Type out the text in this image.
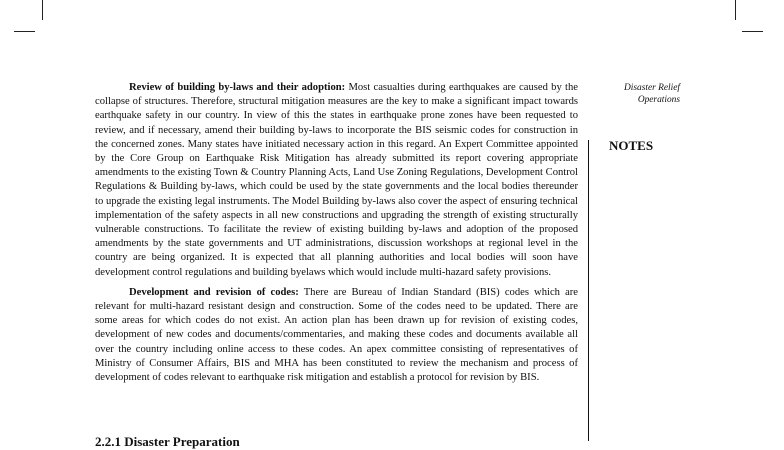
Disaster Relief
Operations

Review of building by-laws and their adoption: Most casualties during earthquakes are caused by the collapse of structures. Therefore, structural mitigation measures are the key to make a significant impact towards earthquake safety in our country. In view of this the states in earthquake prone zones have been requested to review, and if necessary, amend their building by-laws to incorporate the BIS seismic codes for construction in the concerned zones. Many states have initiated necessary action in this regard. An Expert Committee appointed by the Core Group on Earthquake Risk Mitigation has already submitted its report covering appropriate amendments to the existing Town & Country Planning Acts, Land Use Zoning Regulations, Development Control Regulations & Building by-laws, which could be used by the state governments and the local bodies thereunder to upgrade the existing legal instruments. The Model Building by-laws also cover the aspect of ensuring technical implementation of the safety aspects in all new constructions and upgrading the strength of existing structurally vulnerable constructions. To facilitate the review of existing building by-laws and adoption of the proposed amendments by the state governments and UT administrations, discussion workshops at regional level in the country are being organized. It is expected that all planning authorities and local bodies will soon have development control regulations and building byelaws which would include multi-hazard safety provisions.

Development and revision of codes: There are Bureau of Indian Standard (BIS) codes which are relevant for multi-hazard resistant design and construction. Some of the codes need to be updated. There are some areas for which codes do not exist. An action plan has been drawn up for revision of existing codes, development of new codes and documents/commentaries, and making these codes and documents available all over the country including online access to these codes. An apex committee consisting of representatives of Ministry of Consumer Affairs, BIS and MHA has been constituted to review the mechanism and process of development of codes relevant to earthquake risk mitigation and establish a protocol for revision by BIS.

2.2.1 Disaster Preparation
NOTES
